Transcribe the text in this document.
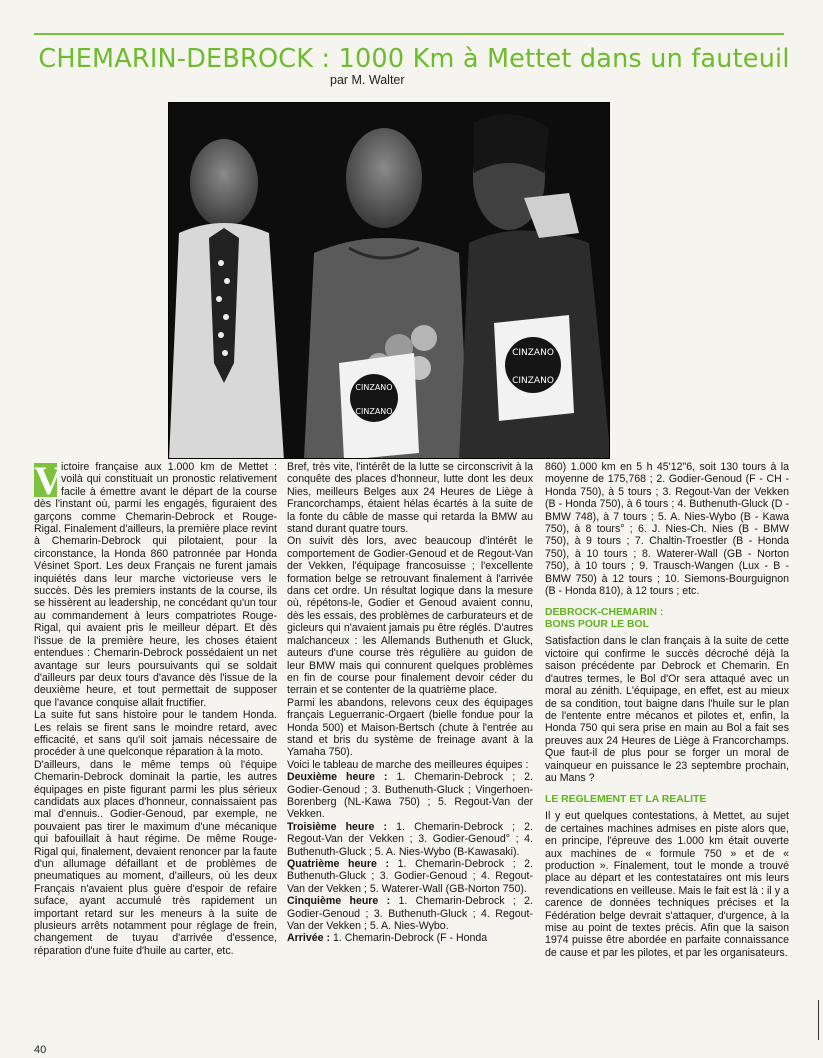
CHEMARIN-DEBROCK : 1000 Km à Mettet dans un fauteuil
par M. Walter
CINZANO
CINZANO
CINZANO
CINZANO
V

ictoire française aux 1.000 km de Mettet : voilà qui constituait un pronostic relativement facile à émettre avant le départ de la course dès l'instant où, parmi les engagés, figuraient des garçons comme Chemarin-Debrock et Rouge-Rigal. Finalement d'ailleurs, la première place revint à Chemarin-Debrock qui pilotaient, pour la circonstance, la Honda 860 patronnée par Honda Vésinet Sport. Les deux Français ne furent jamais inquiétés dans leur marche victorieuse vers le succès. Dès les premiers instants de la course, ils se hissèrent au leadership, ne concédant qu'un tour au commandement à leurs compatriotes Rouge-Rigal, qui avaient pris le meilleur départ. Et dès l'issue de la première heure, les choses étaient entendues : Chemarin-Debrock possédaient un net avantage sur leurs poursuivants qui se soldait d'ailleurs par deux tours d'avance dès l'issue de la deuxième heure, et tout permettait de supposer que l'avance conquise allait fructifier.

La suite fut sans histoire pour le tandem Honda. Les relais se firent sans le moindre retard, avec efficacité, et sans qu'il soit jamais nécessaire de procéder à une quelconque réparation à la moto.

D'ailleurs, dans le même temps où l'équipe Chemarin-Debrock dominait la partie, les autres équipages en piste figurant parmi les plus sérieux candidats aux places d'honneur, connaissaient pas mal d'ennuis.. Godier-Genoud, par exemple, ne pouvaient pas tirer le maximum d'une mécanique qui bafouillait à haut régime. De même Rouge-Rigal qui, finalement, devaient renoncer par la faute d'un allumage défaillant et de problèmes de pneumatiques au moment, d'ailleurs, où les deux Français n'avaient plus guère d'espoir de refaire suface, ayant accumulé très rapidement un important retard sur les meneurs à la suite de plusieurs arrêts notamment pour réglage de frein, changement de tuyau d'arrivée d'essence, réparation d'une fuite d'huile au carter, etc.

Bref, très vite, l'intérêt de la lutte se circonscrivit à la conquête des places d'honneur, lutte dont les deux Nies, meilleurs Belges aux 24 Heures de Liège à Francorchamps, étaient hélas écartés à la suite de la fonte du câble de masse qui retarda la BMW au stand durant quatre tours.

On suivit dès lors, avec beaucoup d'intérêt le comportement de Godier-Genoud et de Regout-Van der Vekken, l'équipage francosuisse ; l'excellente formation belge se retrouvant finalement à l'arrivée dans cet ordre. Un résultat logique dans la mesure où, répétons-le, Godier et Genoud avaient connu, dès les essais, des problèmes de carburateurs et de gicleurs qui n'avaient jamais pu être réglés. D'autres malchanceux : les Allemands Buthenuth et Gluck, auteurs d'une course très régulière au guidon de leur BMW mais qui connurent quelques problèmes en fin de course pour finalement devoir céder du terrain et se contenter de la quatrième place.

Parmi les abandons, relevons ceux des équipages français Leguerranic-Orgaert (bielle fondue pour la Honda 500) et Maison-Bertsch (chute à l'entrée au stand et bris du système de freinage avant à la Yamaha 750).

Voici le tableau de marche des meilleures équipes :

Deuxième heure : 1. Chemarin-Debrock ; 2. Godier-Genoud ; 3. Buthenuth-Gluck ; Vingerhoen-Borenberg (NL-Kawa 750) ; 5. Regout-Van der Vekken.

Troisième heure : 1. Chemarin-Debrock ; 2. Regout-Van der Vekken ; 3. Godier-Genoud° ; 4. Buthenuth-Gluck ; 5. A. Nies-Wybo (B-Kawasaki).

Quatrième heure : 1. Chemarin-Debrock ; 2. Buthenuth-Gluck ; 3. Godier-Genoud ; 4. Regout-Van der Vekken ; 5. Waterer-Wall (GB-Norton 750).

Cinquième heure : 1. Chemarin-Debrock ; 2. Godier-Genoud ; 3. Buthenuth-Gluck ; 4. Regout-Van der Vekken ; 5. A. Nies-Wybo.

Arrivée : 1. Chemarin-Debrock (F - Honda

860) 1.000 km en 5 h 45'12"6, soit 130 tours à la moyenne de 175,768 ; 2. Godier-Genoud (F - CH - Honda 750), à 5 tours ; 3. Regout-Van der Vekken (B - Honda 750), à 6 tours ; 4. Buthenuth-Gluck (D - BMW 748), à 7 tours ; 5. A. Nies-Wybo (B - Kawa 750), à 8 tours° ; 6. J. Nies-Ch. Nies (B - BMW 750), à 9 tours ; 7. Chaltin-Troestler (B - Honda 750), à 10 tours ; 8. Waterer-Wall (GB - Norton 750), à 10 tours ; 9. Trausch-Wangen (Lux - B - BMW 750) à 12 tours ; 10. Siemons-Bourguignon (B - Honda 810), à 12 tours ; etc.

DEBROCK-CHEMARIN :
BONS POUR LE BOL

Satisfaction dans le clan français à la suite de cette victoire qui confirme le succès décroché déjà la saison précédente par Debrock et Chemarin. En d'autres termes, le Bol d'Or sera attaqué avec un moral au zénith. L'équipage, en effet, est au mieux de sa condition, tout baigne dans l'huile sur le plan de l'entente entre mécanos et pilotes et, enfin, la Honda 750 qui sera prise en main au Bol a fait ses preuves aux 24 Heures de Liège à Francorchamps. Que faut-il de plus pour se forger un moral de vainqueur en puissance le 23 septembre prochain, au Mans ?

LE REGLEMENT ET LA REALITE

Il y eut quelques contestations, à Mettet, au sujet de certaines machines admises en piste alors que, en principe, l'épreuve des 1.000 km était ouverte aux machines de « formule 750 » et de « production ». Finalement, tout le monde a trouvé place au départ et les contestataires ont mis leurs revendications en veilleuse. Mais le fait est là : il y a carence de données techniques précises et la Fédération belge devrait s'attaquer, d'urgence, à la mise au point de textes précis. Afin que la saison 1974 puisse être abordée en parfaite connaissance de cause et par les pilotes, et par les organisateurs.

40
